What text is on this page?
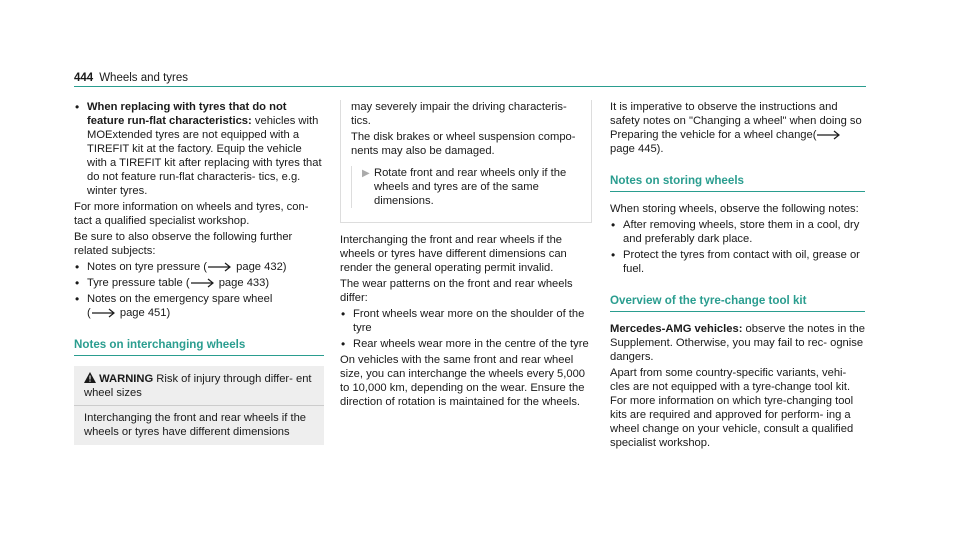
444 Wheels and tyres
• When replacing with tyres that do not feature run-flat characteristics: vehicles with MOExtended tyres are not equipped with a TIREFIT kit at the factory. Equip the vehicle with a TIREFIT kit after replacing with tyres that do not feature run-flat characteris- tics, e.g. winter tyres.

For more information on wheels and tyres, con- tact a qualified specialist workshop.

Be sure to also observe the following further related subjects:

• Notes on tyre pressure (	page 432)
• Tyre pressure table (	page 433)
• Notes on the emergency spare wheel
(	page 451)
Notes on interchanging wheels
WARNING Risk of injury through differ- ent wheel sizes
Interchanging the front and rear wheels if the wheels or tyres have different dimensions

may severely impair the driving characteris- tics.

The disk brakes or wheel suspension compo- nents may also be damaged.

▶ Rotate front and rear wheels only if the wheels and tyres are of the same dimensions.

Interchanging the front and rear wheels if the wheels or tyres have different dimensions can render the general operating permit invalid.

The wear patterns on the front and rear wheels differ:

• Front wheels wear more on the shoulder of the tyre
• Rear wheels wear more in the centre of the tyre

On vehicles with the same front and rear wheel size, you can interchange the wheels every 5,000 to 10,000 km, depending on the wear. Ensure the direction of rotation is maintained for the wheels.

It is imperative to observe the instructions and safety notes on "Changing a wheel" when doing so Preparing the vehicle for a wheel change( page 445).

Notes on storing wheels

When storing wheels, observe the following notes:

• After removing wheels, store them in a cool, dry and preferably dark place.
• Protect the tyres from contact with oil, grease or fuel.
Overview of the tyre-change tool kit

Mercedes-AMG vehicles: observe the notes in the Supplement. Otherwise, you may fail to rec- ognise dangers.

Apart from some country-specific variants, vehi- cles are not equipped with a tyre-change tool kit. For more information on which tyre-changing tool kits are required and approved for perform- ing a wheel change on your vehicle, consult a qualified specialist workshop.
